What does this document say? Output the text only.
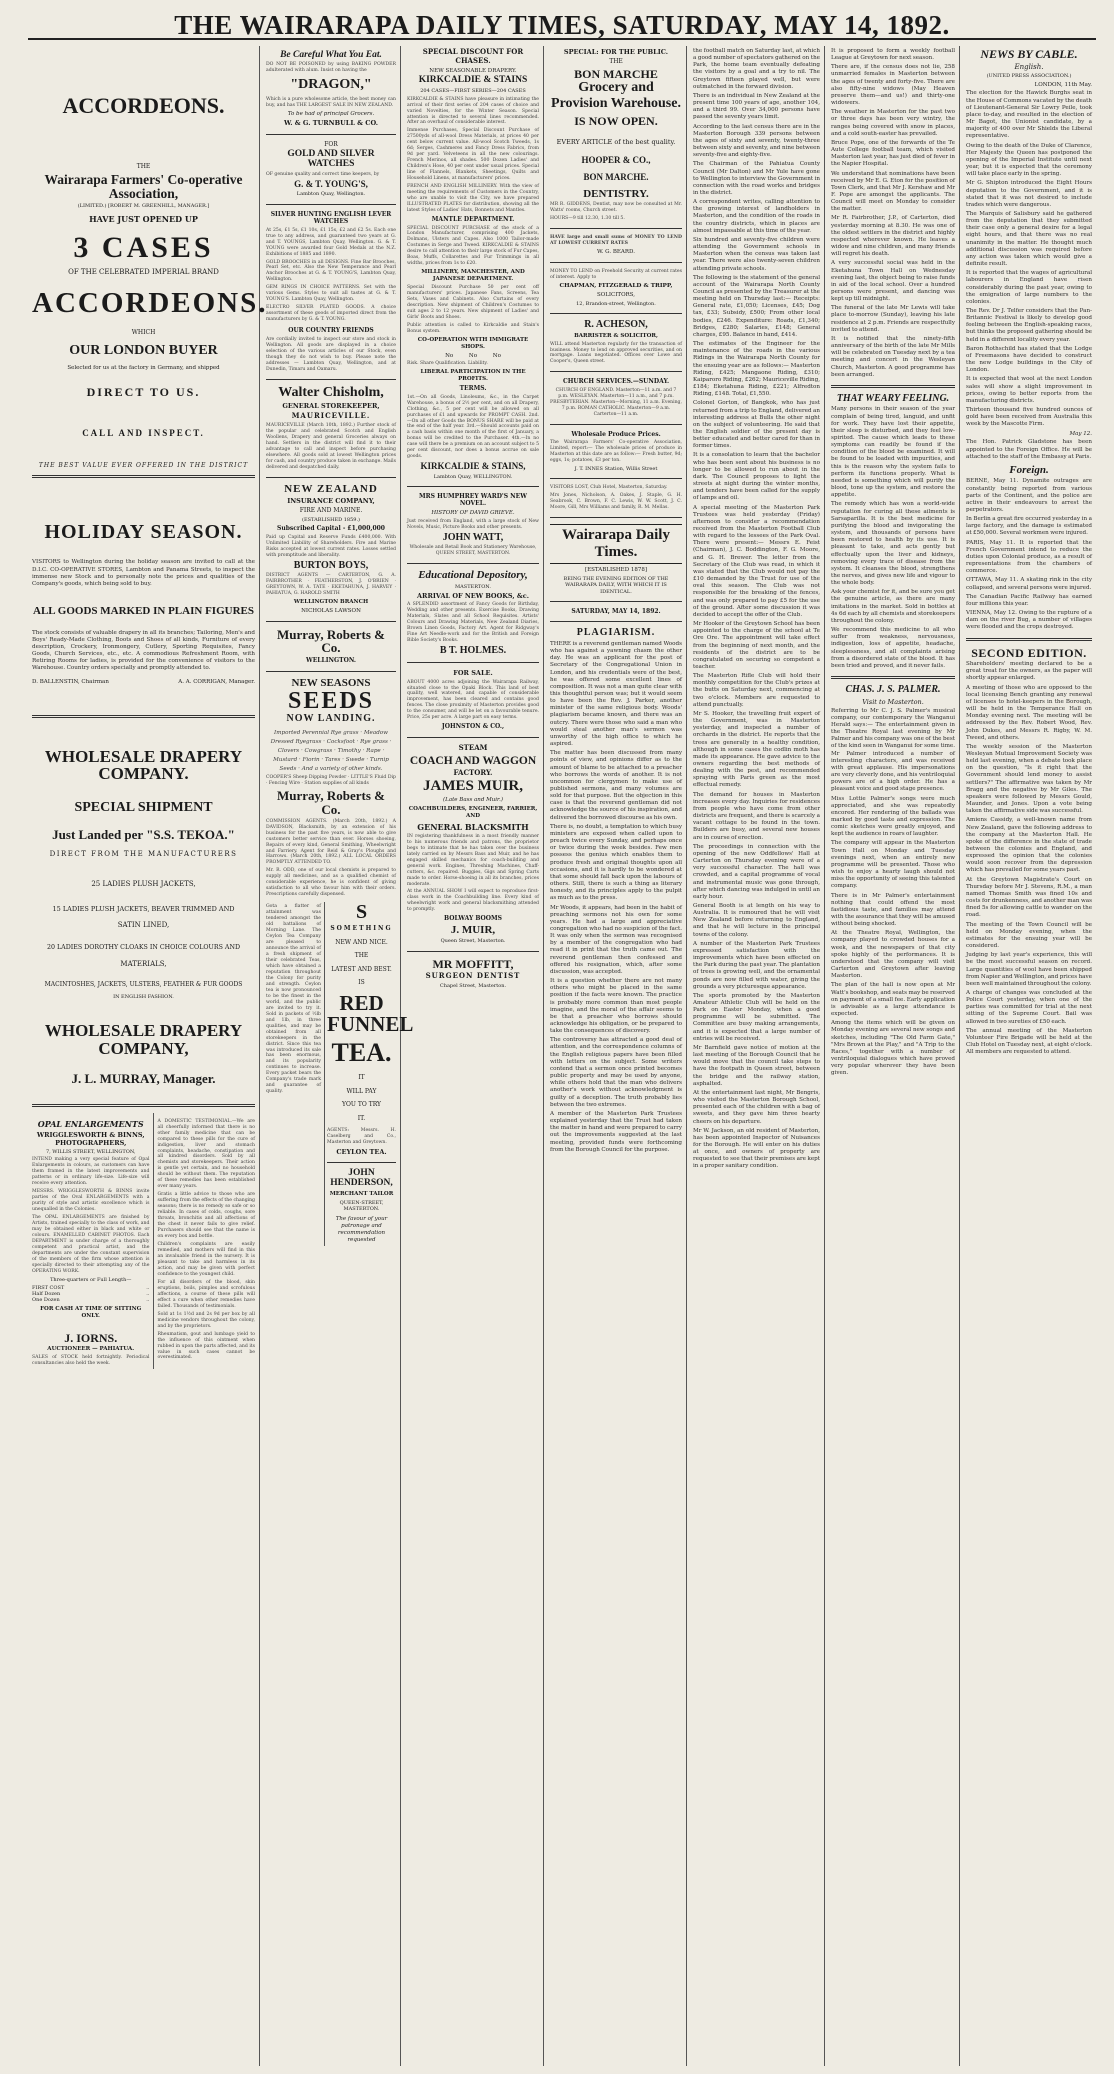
THE WAIRARAPA DAILY TIMES, SATURDAY, MAY 14, 1892.
ACCORDEONS.
THE
Wairarapa Farmers' Co-operative Association,
(LIMITED.) [ROBERT M. GREENHILL, MANAGER.]
HAVE JUST OPENED UP
3 CASES
OF THE CELEBRATED IMPERIAL BRAND
ACCORDEONS.
WHICH
OUR LONDON BUYER
Selected for us at the factory in Germany, and shipped
DIRECT TO US.
CALL AND INSPECT.
THE BEST VALUE EVER OFFERED IN THE DISTRICT
HOLIDAY SEASON.
VISITORS to Wellington during the holiday season are invited to call at the D.I.C. CO-OPERATIVE STORES, Lambton and Panama Streets, to inspect the immense new Stock and to personally note the prices and qualities of the Company's goods, which being sold to buy.
ALL GOODS MARKED IN PLAIN FIGURES
The stock consists of valuable drapery in all its branches; Tailoring, Men's and Boys' Ready-Made Clothing, Boots and Shoes of all kinds, Furniture of every description, Crockery, Ironmongery, Cutlery, Sporting Requisites, Fancy Goods, Church Services, etc., etc. A commodious Refreshment Room, with Retiring Rooms for ladies, is provided for the convenience of visitors to the Warehouse. Country orders specially and promptly attended to.
D. BALLENSTIN, Chairman	A. A. CORRIGAN, Manager.
WHOLESALE DRAPERY COMPANY.
SPECIAL SHIPMENT
Just Landed per "S.S. TEKOA."
DIRECT FROM THE MANUFACTURERS
25 LADIES PLUSH JACKETS,
15 LADIES PLUSH JACKETS, BEAVER TRIMMED AND
SATIN LINED,
20 LADIES DOROTHY CLOAKS IN CHOICE COLOURS AND
MATERIALS,
MACINTOSHES, JACKETS, ULSTERS, FEATHER & FUR GOODS
IN ENGLISH FASHION.
WHOLESALE DRAPERY COMPANY,
J. L. MURRAY, Manager.
OPAL ENLARGEMENTS
WRIGGLESWORTH & BINNS, PHOTOGRAPHERS,
7, WILLIS STREET, WELLINGTON,
INTEND making a very special feature of Opal Enlargements in colours, as customers can have them framed in the latest improvements and patterns or in ordinary life-size. Life-size will receive every attention.
MESSRS. WRIGGLESWORTH & BINNS invite parties of the Oval ENLARGEMENTS with a purity of style and artistic excellence which is unequalled in the Colonies.
The OPAL ENLARGEMENTS are finished by Artists, trained specially to the class of work, and may be obtained either in black and white or colours. ENAMELLED CABINET PHOTOS. Each DEPARTMENT is under charge of a thoroughly competent and practical artist, and the departments are under the constant supervision of the members of the firm whose attention is specially directed to their attempting any of the OPERATING WORK.
Three-quarters or Full Length—
FIRST COST	..
Half Dozen	..
One Dozen	..
FOR CASH AT TIME OF SITTING ONLY.
J. IORNS.
AUCTIONEER — PAHIATUA.
SALES of STOCK held fortnightly. Periodical consultancies also held the week.
A DOMESTIC TESTIMONIAL.—We are all cheerfully informed that there is no other family medicine that can be compared to these pills for the cure of indigestion, liver and stomach complaints, headache, constipation and all kindred disorders. Sold by all chemists and storekeepers. Their action is gentle yet certain, and no household should be without them. The reputation of these remedies has been established over many years.
Gratis a little advice to those who are suffering from the effects of the changing seasons; there is no remedy so safe or so reliable. In cases of colds, coughs, sore throats, bronchitis and all affections of the chest it never fails to give relief. Purchasers should see that the name is on every box and bottle.
Children's complaints are easily remedied, and mothers will find in this an invaluable friend in the nursery. It is pleasant to take and harmless in its action, and may be given with perfect confidence to the youngest child.
For all disorders of the blood, skin eruptions, boils, pimples and scrofulous affections, a course of these pills will effect a cure when other remedies have failed. Thousands of testimonials.
Sold at 1s 1½d and 2s 9d per box by all medicine vendors throughout the colony, and by the proprietors.
Rheumatism, gout and lumbago yield to the influence of this ointment when rubbed in upon the parts affected, and its value in such cases cannot be overestimated.
Be Careful What You Eat.
DO NOT BE POISONED by using BAKING POWDER adulterated with alum. Insist on having the
"DRAGON,"
Which is a pure wholesome article, the best money can buy, and has THE LARGEST SALE IN NEW ZEALAND.
To be had of principal Grocers.
W. & G. TURNBULL & CO.
FOR
GOLD AND SILVER WATCHES
OF genuine quality and correct time keepers, by
G. & T. YOUNG'S,
Lambton Quay, Wellington.
SILVER HUNTING ENGLISH LEVER WATCHES
At 25s, £1 5s, £1 10s, £1 15s, £2 and £2 5s. Each one true to any address, and guaranteed two years at G. and T. YOUNGS, Lambton Quay, Wellington. G. & T. YOUNG were awarded four Gold Medals at the N.Z. Exhibitions of 1885 and 1890.
GOLD BROOCHES in all DESIGNS. Fine Bar Brooches, Pearl Set, etc. Also the New Temperance and Pearl Anchor Brooches at G. & T. YOUNG'S, Lambton Quay, Wellington.
GEM RINGS IN CHOICE PATTERNS. Set with the various Gems. Styles to suit all tastes at G. & T. YOUNG'S. Lambton Quay, Wellington.
ELECTRO SILVER PLATED GOODS. A choice assortment of these goods of imported direct from the manufacturers by G. & T. YOUNG.
OUR COUNTRY FRIENDS
Are cordially invited to inspect our store and stock in Wellington. All goods are displayed in a choice selection of the various articles of our Stock, even though they do not wish to buy. Please note the addresses — Lambton Quay, Wellington, and at Dunedin, Timaru and Oamaru.
Walter Chisholm,
GENERAL STOREKEEPER,
MAURICEVILLE.
MAURICEVILLE (March 10th, 1892.) Further stock of the popular and celebrated Scotch and English Woollens, Drapery and general Groceries always on hand. Settlers in the district will find it to their advantage to call and inspect before purchasing elsewhere. All goods sold at lowest Wellington prices for cash, and country produce taken in exchange. Mails delivered and despatched daily.
NEW ZEALAND
INSURANCE COMPANY,
FIRE AND MARINE.
(ESTABLISHED 1859.)
Subscribed Capital - £1,000,000
Paid up Capital and Reserve Funds £400,000. With Unlimited Liability of Shareholders. Fire and Marine Risks accepted at lowest current rates. Losses settled with promptitude and liberality.
BURTON BOYS,
DISTRICT AGENTS — CARTERTON, G. A. FAIRBROTHER · FEATHERSTON, J. O'BRIEN · GREYTOWN, W. A. TATE · EKETAHUNA, J. HARVEY · PAHIATUA, G. HAROLD SMITH
WELLINGTON BRANCH
NICHOLAS LAWSON
Murray, Roberts & Co.
WELLINGTON.
NEW SEASONS
SEEDS
NOW LANDING.
Imported Perennial Rye grass · Meadow Dressed Ryegrass · Cocksfoot · Rye grass · Clovers · Cowgrass · Timothy · Rape · Mustard · Fiorin · Tares · Swede · Turnip Seeds · And a variety of other kinds.
COOPER'S Sheep Dipping Powder · LITTLE'S Fluid Dip · Fencing Wire · Station supplies of all kinds
Murray, Roberts & Co.
COMMISSION AGENTS. (March 20th, 1892.) A DAVIDSON, Blacksmith, by an extension of his business for the past five years, is now able to give customers better service than ever. Horses shoeing, Repairs of every kind, General Smithing, Wheelwright and Farriery. Agent for Reid & Gray's Ploughs and Harrows. (March 20th, 1892.) ALL LOCAL ORDERS PROMPTLY ATTENDED TO.
Mr. R. ODD, one of our local chemists is prepared to supply all medicines, and as a qualified chemist of considerable experience, he is confident of giving satisfaction to all who favour him with their orders. Prescriptions carefully dispensed.
Gota a flatter of attainment was tendered amongst the old battalions of Morning Lane. The Ceylon Tea Company are pleased to announce the arrival of a fresh shipment of their celebrated Teas, which have obtained a reputation throughout the Colony for purity and strength. Ceylon tea is now pronounced to be the finest in the world, and the public are invited to try it. Sold in packets of ½lb and 1lb, in three qualities, and may be obtained from all storekeepers in the district. Since this tea was introduced its sale has been enormous, and its popularity continues to increase. Every packet bears the Company's trade mark and guarantee of quality.
S
SOMETHING
NEW AND NICE.
THE
LATEST AND BEST.
IS
RED FUNNEL
TEA.
IT
WILL PAY
YOU TO TRY
IT.
AGENTS: Messrs. H. Caselberg and Co., Masterton and Greytown.
CEYLON TEA.
JOHN HENDERSON,
MERCHANT TAILOR
QUEEN-STREET, MASTERTON.
The favour of your patronage and recommendation requested
SPECIAL DISCOUNT FOR CHASES.
NEW SEASONABLE DRAPERY.
KIRKCALDIE & STAINS
204 CASES—FIRST SERIES—204 CASES
KIRKCALDIE & STAINS have pleasure in intimating the arrival of their first series of 204 cases of choice and varied Novelties, for the Winter Season. Special attention is directed to several lines recommended. After an overhaul of considerable interest.
Immense Purchases, Special Discount Purchase of 27500yds of all-wool Dress Materials, at prices 40 per cent below current value. All-wool Scotch Tweeds, 1s 6d; Serges, Cashmeres and Fancy Dress Fabrics, from 9d per yard. Velveteens in all the new colourings. French Merinos, all shades. 500 Dozen Ladies' and Children's Hose, 40 per cent under usual prices. Special line of Flannels, Blankets, Sheetings, Quilts and Household Linens, at manufacturers' prices.
FRENCH AND ENGLISH MILLINERY. With the view of meeting the requirements of Customers in the Country, who are unable to visit the City, we have prepared ILLUSTRATED PLATES for distribution, showing all the latest Styles of Ladies' Hats, Bonnets and Mantles.
MANTLE DEPARTMENT.
SPECIAL DISCOUNT PURCHASE of the stock of a London Manufacturer, comprising 400 Jackets, Dolmans, Ulsters and Capes. Also 1000 Tailor-made Costumes in Serge and Tweed. KIRKCALDIE & STAINS desire to call attention to their large stock of Fur Capes, Boas, Muffs, Collarettes and Fur Trimmings in all widths, prices from 1s to £20.
MILLINERY, MANCHESTER, AND JAPANESE DEPARTMENT.
Special Discount Purchase 50 per cent off manufacturers' prices. Japanese Fans, Screens, Tea Sets, Vases and Cabinets. Also Curtains of every description. New shipment of Children's Costumes to suit ages 2 to 12 years. New shipment of Ladies' and Girls' Boots and Shoes.
Public attention is called to Kirkcaldie and Stain's Bonus system.
CO-OPERATION WITH IMMIGRATE SHOPS.
No No No
Risk. Share Qualification. Liability.
LIBERAL PARTICIPATION IN THE PROFITS.
TERMS.
1st.—On all Goods, Linoleums, &c., in the Carpet Warehouse, a bonus of 2½ per cent, and on all Drapery, Clothing, &c., 5 per cent will be allowed on all purchases of £1 and upwards for PROMPT CASH. 2nd.—On all other Goods the BONUS SHARE will be paid at the end of the half year. 3rd.—Should accounts paid on a cash basis within one month of the first of January, a bonus will be credited to the Purchaser. 4th.—In no case will there be a premium on an account subject to 5 per cent discount, nor does a bonus accrue on sale goods.
KIRKCALDIE & STAINS,
Lambton Quay, WELLINGTON.
MRS HUMPHREY WARD'S NEW NOVEL.
HISTORY OF DAVID GRIEVE.
Just received from England, with a large stock of New Novels, Music, Picture Books and other presents.
JOHN WATT,
Wholesale and Retail Book and Stationery Warehouse, QUEEN STREET, MASTERTON.
Educational Depository,
MASTERTON.
ARRIVAL OF NEW BOOKS, &c.
A SPLENDID assortment of Fancy Goods for Birthday, Wedding and other presents. Exercise Books, Drawing Materials, Slates and all School Requisites. Artists' Colours and Drawing Materials, New Zealand Diaries, Brown Linen Goods, Factory Art. Agent for Ridgway's Fine Art Needle-work and for the British and Foreign Bible Society's Books.
B T. HOLMES.
FOR SALE.
ABOUT 4000 acres adjoining the Wairarapa Railway, situated close to the Opaki Block. This land of best quality, well watered, and capable of considerable improvement, has been cleared and contains good fences. The close proximity of Masterton provides good to the consumer, and will be let on a favourable tenure. Price, 25s per acre. A large part on easy terms.
JOHNSTON & CO.,
STEAM
COACH AND WAGGON
FACTORY.
JAMES MUIR,
(Late Bass and Muir.)
COACHBUILDERS, ENGINEER, FARRIER, AND
GENERAL BLACKSMITH
IN registering thankfulness in a most friendly manner to his numerous friends and patrons, the proprietor begs to intimate that he has taken over the business lately carried on by Messrs Bass and Muir, and he has engaged skilled mechanics for coach-building and general work. Engines, Threshing Machines, Chaff-cutters, &c. repaired. Buggies, Gigs and Spring Carts made to order. Horse-shoeing in all its branches, prices moderate.
At the ANNUAL SHOW I will expect to reproduce first-class work in the Coachbuilding line. Every kind of wheelwright work and general blacksmithing attended to promptly.
BOLWAY BOOMS
J. MUIR,
Queen Street, Masterton.
MR MOFFITT,
SURGEON DENTIST
Chapel Street, Masterton.
SPECIAL: FOR THE PUBLIC.
THE
BON MARCHE
Grocery and Provision Warehouse.
IS NOW OPEN.
EVERY ARTICLE of the best quality.
HOOPER & CO.,
BON MARCHE.
DENTISTRY.
MR R. GIDDENS, Dentist, may now be consulted at Mr. Watts' rooms, Church street.
HOURS—9 till 12.30, 1.30 till 5.
HAVE large and small sums of MONEY TO LEND AT LOWEST CURRENT RATES
W. G. BEARD.
MONEY TO LEND on Freehold Security at current rates of interest. Apply to
CHAPMAN, FITZGERALD & TRIPP,
SOLICITORS,
12, Brandon-street, Wellington.
R. ACHESON,
BARRISTER & SOLICITOR,
WILL attend Masterton regularly for the transaction of business. Money to lend on approved securities, and on mortgage. Loans negotiated. Offices over Lowe and Cooper's, Queen street.
CHURCH SERVICES.—SUNDAY.
CHURCH OF ENGLAND. Masterton—11 a.m. and 7 p.m. WESLEYAN. Masterton—11 a.m., and 7 p.m. PRESBYTERIAN. Masterton—Morning, 11 a.m. Evening, 7 p.m. ROMAN CATHOLIC. Masterton—9 a.m. Carterton—11 a.m.
Wholesale Produce Prices.
The Wairarapa Farmers' Co-operative Association, Limited, report:— The wholesale prices of produce in Masterton at this date are as follow:— Fresh butter, 9d; eggs, 1s; potatoes, £3 per ton.
J. T. INNES Station, Willis Street
VISITORS LOST, Club Hotel, Masterton, Saturday.
Mrs Jones, Nicholson, A. Oakes, J. Staple, G. H. Seabrook, C. Brown, F. C. Lewis, W. W. Scott, J. C. Moore, Gill, Mrs Williams and family, R. M. Mellas.
Wairarapa Daily Times.
[ESTABLISHED 1878]
BEING THE EVENING EDITION OF THE WAIRARAPA DAILY, WITH WHICH IT IS IDENTICAL.
SATURDAY, MAY 14, 1892.
PLAGIARISM.
THERE is a reverend gentleman named Woods who has against a yawning chasm the other day. He was an applicant for the post of Secretary of the Congregational Union in London, and his credentials were of the best, he was offered some excellent lines of composition. It was not a man quite clear with this thoughtful person was; but it would seem to have been the Rev. J. Parker, another minister of the same religious body. Woods' plagiarism became known, and there was an outcry. There were those who said a man who would steal another man's sermon was unworthy of the high office to which he aspired.
The matter has been discussed from many points of view, and opinions differ as to the amount of blame to be attached to a preacher who borrows the words of another. It is not uncommon for clergymen to make use of published sermons, and many volumes are sold for that purpose. But the objection in this case is that the reverend gentleman did not acknowledge the source of his inspiration, and delivered the borrowed discourse as his own.
There is, no doubt, a temptation to which busy ministers are exposed when called upon to preach twice every Sunday, and perhaps once or twice during the week besides. Few men possess the genius which enables them to produce fresh and original thoughts upon all occasions, and it is hardly to be wondered at that some should fall back upon the labours of others. Still, there is such a thing as literary honesty, and its principles apply to the pulpit as much as to the press.
Mr Woods, it appears, had been in the habit of preaching sermons not his own for some years. He had a large and appreciative congregation who had no suspicion of the fact. It was only when the sermon was recognised by a member of the congregation who had read it in print that the truth came out. The reverend gentleman then confessed and offered his resignation, which, after some discussion, was accepted.
It is a question whether there are not many others who might be placed in the same position if the facts were known. The practice is probably more common than most people imagine, and the moral of the affair seems to be that a preacher who borrows should acknowledge his obligation, or be prepared to take the consequences of discovery.
The controversy has attracted a good deal of attention, and the correspondence columns of the English religious papers have been filled with letters on the subject. Some writers contend that a sermon once printed becomes public property and may be used by anyone, while others hold that the man who delivers another's work without acknowledgment is guilty of a deception. The truth probably lies between the two extremes.
A member of the Masterton Park Trustees explained yesterday that the Trust had taken the matter in hand and were prepared to carry out the improvements suggested at the last meeting, provided funds were forthcoming from the Borough Council for the purpose.
the football match on Saturday last, at which a good number of spectators gathered on the Park, the home team eventually defeating the visitors by a goal and a try to nil. The Greytown fifteen played well, but were outmatched in the forward division.
There is an individual in New Zealand at the present time 100 years of age, another 104, and a third 99. Over 34,000 persons have passed the seventy years limit.
According to the last census there are in the Masterton Borough 339 persons between the ages of sixty and seventy, twenty-three between sixty and seventy, and nine between seventy-five and eighty-five.
The Chairman of the Pahiatua County Council (Mr Dalton) and Mr Yule have gone to Wellington to interview the Government in connection with the road works and bridges in the district.
A correspondent writes, calling attention to the growing interest of landholders in Masterton, and the condition of the roads in the country districts, which in places are almost impassable at this time of the year.
Six hundred and seventy-five children were attending the Government schools in Masterton when the census was taken last year. There were also twenty-seven children attending private schools.
The following is the statement of the general account of the Wairarapa North County Council as presented by the Treasurer at the meeting held on Thursday last:— Receipts: General rate, £1,050; Licenses, £45; Dog tax, £33; Subsidy, £500; From other local bodies, £246. Expenditure: Roads, £1,340; Bridges, £280; Salaries, £148; General charges, £95. Balance in hand, £414.
The estimates of the Engineer for the maintenance of the roads in the various Ridings in the Wairarapa North County for the ensuing year are as follows:— Masterton Riding, £425; Mangaone Riding, £310; Kaiparoro Riding, £262; Mauriceville Riding, £184; Eketahuna Riding, £221; Alfredton Riding, £148. Total, £1,550.
Colonel Gorton, of Bangkok, who has just returned from a trip to England, delivered an interesting address at Bulls the other night on the subject of volunteering. He said that the English soldier of the present day is better educated and better cared for than in former times.
It is a consolation to learn that the bachelor who has been sent about his business is no longer to be allowed to run about in the dark. The Council proposes to light the streets at night during the winter months, and tenders have been called for the supply of lamps and oil.
A special meeting of the Masterton Park Trustees was held yesterday (Friday) afternoon to consider a recommendation received from the Masterton Football Club with regard to the lessees of the Park Oval. There were present:— Messrs E. Feist (Chairman), J. C. Boddington, F. G. Moore, and G. H. Brewer. The letter from the Secretary of the Club was read, in which it was stated that the Club would not pay the £10 demanded by the Trust for use of the oval this season. The Club was not responsible for the breaking of the fences, and was only prepared to pay £5 for the use of the ground. After some discussion it was decided to accept the offer of the Club.
Mr Hooker of the Greytown School has been appointed to the charge of the school at Te Ore Ore. The appointment will take effect from the beginning of next month, and the residents of the district are to be congratulated on securing so competent a teacher.
The Masterton Rifle Club will hold their monthly competition for the Club's prizes at the butts on Saturday next, commencing at two o'clock. Members are requested to attend punctually.
Mr S. Hooker, the travelling fruit expert of the Government, was in Masterton yesterday, and inspected a number of orchards in the district. He reports that the trees are generally in a healthy condition, although in some cases the codlin moth has made its appearance. He gave advice to the owners regarding the best methods of dealing with the pest, and recommended spraying with Paris green as the most effectual remedy.
The demand for houses in Masterton increases every day. Inquiries for residences from people who have come from other districts are frequent, and there is scarcely a vacant cottage to be found in the town. Builders are busy, and several new houses are in course of erection.
The proceedings in connection with the opening of the new Oddfellows' Hall at Carterton on Thursday evening were of a very successful character. The hall was crowded, and a capital programme of vocal and instrumental music was gone through, after which dancing was indulged in until an early hour.
General Booth is at length on his way to Australia. It is rumoured that he will visit New Zealand before returning to England, and that he will lecture in the principal towns of the colony.
A number of the Masterton Park Trustees expressed satisfaction with the improvements which have been effected on the Park during the past year. The plantation of trees is growing well, and the ornamental ponds are now filled with water, giving the grounds a very picturesque appearance.
The sports promoted by the Masterton Amateur Athletic Club will be held on the Park on Easter Monday, when a good programme will be submitted. The Committee are busy making arrangements, and it is expected that a large number of entries will be received.
Mr Barnfield gave notice of motion at the last meeting of the Borough Council that he would move that the council take steps to have the footpath in Queen street, between the bridge and the railway station, asphalted.
At the entertainment last night, Mr Bengris, who visited the Masterton Borough School, presented each of the children with a bag of sweets, and they gave him three hearty cheers on his departure.
Mr W. Jackson, an old resident of Masterton, has been appointed Inspector of Nuisances for the Borough. He will enter on his duties at once, and owners of property are requested to see that their premises are kept in a proper sanitary condition.
It is proposed to form a weekly football League at Greytown for next season.
There are, if the census does not lie, 258 unmarried females in Masterton between the ages of twenty and forty-five. There are also fifty-nine widows (May Heaven preserve them—and us!) and thirty-one widowers.
The weather in Masterton for the past two or three days has been very wintry, the ranges being covered with snow in places, and a cold south-easter has prevailed.
Bruce Pope, one of the forwards of the Te Aute College football team, which visited Masterton last year, has just died of fever in the Napier Hospital.
We understand that nominations have been received by Mr E. G. Eton for the position of Town Clerk, and that Mr J. Kershaw and Mr F. Pope are amongst the applicants. The Council will meet on Monday to consider the matter.
Mr R. Fairbrother, J.P., of Carterton, died yesterday morning at 8.30. He was one of the oldest settlers in the district and highly respected wherever known. He leaves a widow and nine children, and many friends will regret his death.
A very successful social was held in the Eketahuna Town Hall on Wednesday evening last, the object being to raise funds in aid of the local school. Over a hundred persons were present, and dancing was kept up till midnight.
The funeral of the late Mr Lewis will take place to-morrow (Sunday), leaving his late residence at 2 p.m. Friends are respectfully invited to attend.
It is notified that the ninety-fifth anniversary of the birth of the late Mr Mills will be celebrated on Tuesday next by a tea meeting and concert in the Wesleyan Church, Masterton. A good programme has been arranged.
THAT WEARY FEELING.
Many persons in their season of the year complain of being tired, languid, and unfit for work. They have lost their appetite, their sleep is disturbed, and they feel low-spirited. The cause which leads to these symptoms can readily be found if the condition of the blood be examined. It will be found to be loaded with impurities, and this is the reason why the system fails to perform its functions properly. What is needed is something which will purify the blood, tone up the system, and restore the appetite.
The remedy which has won a world-wide reputation for curing all these ailments is Sarsaparilla. It is the best medicine for purifying the blood and invigorating the system, and thousands of persons have been restored to health by its use. It is pleasant to take, and acts gently but effectually upon the liver and kidneys, removing every trace of disease from the system. It cleanses the blood, strengthens the nerves, and gives new life and vigour to the whole body.
Ask your chemist for it, and be sure you get the genuine article, as there are many imitations in the market. Sold in bottles at 4s 6d each by all chemists and storekeepers throughout the colony.
We recommend this medicine to all who suffer from weakness, nervousness, indigestion, loss of appetite, headache, sleeplessness, and all complaints arising from a disordered state of the blood. It has been tried and proved, and it never fails.
CHAS. J. S. PALMER.
Visit to Masterton.
Referring to Mr C. J. S. Palmer's musical company, our contemporary the Wanganui Herald says:— The entertainment given in the Theatre Royal last evening by Mr Palmer and his company was one of the best of the kind seen in Wanganui for some time. Mr Palmer introduced a number of interesting characters, and was received with great applause. His impersonations are very cleverly done, and his ventriloquial powers are of a high order. He has a pleasant voice and good stage presence.
Miss Lottie Palmer's songs were much appreciated, and she was repeatedly encored. Her rendering of the ballads was marked by good taste and expression. The comic sketches were greatly enjoyed, and kept the audience in roars of laughter.
The company will appear in the Masterton Town Hall on Monday and Tuesday evenings next, when an entirely new programme will be presented. Those who wish to enjoy a hearty laugh should not miss the opportunity of seeing this talented company.
There is in Mr Palmer's entertainment nothing that could offend the most fastidious taste, and families may attend with the assurance that they will be amused without being shocked.
At the Theatre Royal, Wellington, the company played to crowded houses for a week, and the newspapers of that city spoke highly of the performances. It is understood that the company will visit Carterton and Greytown after leaving Masterton.
The plan of the hall is now open at Mr Watt's bookshop, and seats may be reserved on payment of a small fee. Early application is advisable as a large attendance is expected.
Among the items which will be given on Monday evening are several new songs and sketches, including "The Old Farm Gate," "Mrs Brown at the Play," and "A Trip to the Races," together with a number of ventriloquial dialogues which have proved very popular wherever they have been given.
NEWS BY CABLE.
English.
(UNITED PRESS ASSOCIATION.)
LONDON, 11th May.
The election for the Hawick Burghs seat in the House of Commons vacated by the death of Lieutenant-General Sir Lowry Peile, took place to-day, and resulted in the election of Mr Bagot, the Unionist candidate, by a majority of 400 over Mr Shields the Liberal representative.
Owing to the death of the Duke of Clarence, Her Majesty the Queen has postponed the opening of the Imperial Institute until next year, but it is expected that the ceremony will take place early in the spring.
Mr G. Shipton introduced the Eight Hours deputation to the Government, and it is stated that it was not desired to include trades which were dangerous.
The Marquis of Salisbury said he gathered from the deputation that they submitted their case only a general desire for a legal eight hours, and that there was no real unanimity in the matter. He thought much additional discussion was required before any action was taken which would give a definite result.
It is reported that the wages of agricultural labourers in England have risen considerably during the past year, owing to the emigration of large numbers to the colonies.
The Rev. Dr J. Telfer considers that the Pan-Britannic Festival is likely to develop good feeling between the English-speaking races, but thinks the proposed gathering should be held in a different locality every year.
Baron Rothschild has stated that the Lodge of Freemasons have decided to construct the new Lodge buildings in the City of London.
It is expected that wool at the next London sales will show a slight improvement in prices, owing to better reports from the manufacturing districts.
Thirteen thousand five hundred ounces of gold have been received from Australia this week by the Mascotte Firm.
May 12.
The Hon. Patrick Gladstone has been appointed to the Foreign Office. He will be attached to the staff of the Embassy at Paris.
Foreign.
BERNE, May 11. Dynamite outrages are constantly being reported from various parts of the Continent, and the police are active in their endeavours to arrest the perpetrators.
In Berlin a great fire occurred yesterday in a large factory, and the damage is estimated at £50,000. Several workmen were injured.
PARIS, May 11. It is reported that the French Government intend to reduce the duties upon Colonial produce, as a result of representations from the chambers of commerce.
OTTAWA, May 11. A skating rink in the city collapsed, and several persons were injured.
The Canadian Pacific Railway has earned four millions this year.
VIENNA, May 12. Owing to the rupture of a dam on the river Bug, a number of villages were flooded and the crops destroyed.
SECOND EDITION.
Shareholders' meeting declared to be a great treat for the owners, as the paper will shortly appear enlarged.
A meeting of those who are opposed to the local licensing Bench granting any renewal of licenses to hotel-keepers in the Borough, will be held in the Temperance Hall on Monday evening next. The meeting will be addressed by the Rev. Robert Wood, Rev. John Dukes, and Messrs R. Rigby, W. M. Tweed, and others.
The weekly session of the Masterton Wesleyan Mutual Improvement Society was held last evening, when a debate took place on the question, "Is it right that the Government should lend money to assist settlers?" The affirmative was taken by Mr Bragg and the negative by Mr Giles. The speakers were followed by Messrs Gould, Maunder, and Jones. Upon a vote being taken the affirmative side was successful.
Amiens Cassidy, a well-known name from New Zealand, gave the following address to the company at the Masterton Hall. He spoke of the difference in the state of trade between the colonies and England, and expressed the opinion that the colonies would soon recover from the depression which has prevailed for some years past.
At the Greytown Magistrate's Court on Thursday before Mr J. Stevens, R.M., a man named Thomas Smith was fined 10s and costs for drunkenness, and another man was fined 5s for allowing cattle to wander on the road.
The meeting of the Town Council will be held on Monday evening, when the estimates for the ensuing year will be considered.
Judging by last year's experience, this will be the most successful season on record. Large quantities of wool have been shipped from Napier and Wellington, and prices have been well maintained throughout the colony.
A charge of changes was concluded at the Police Court yesterday, when one of the parties was committed for trial at the next sitting of the Supreme Court. Bail was allowed in two sureties of £50 each.
The annual meeting of the Masterton Volunteer Fire Brigade will be held at the Club Hotel on Tuesday next, at eight o'clock. All members are requested to attend.
